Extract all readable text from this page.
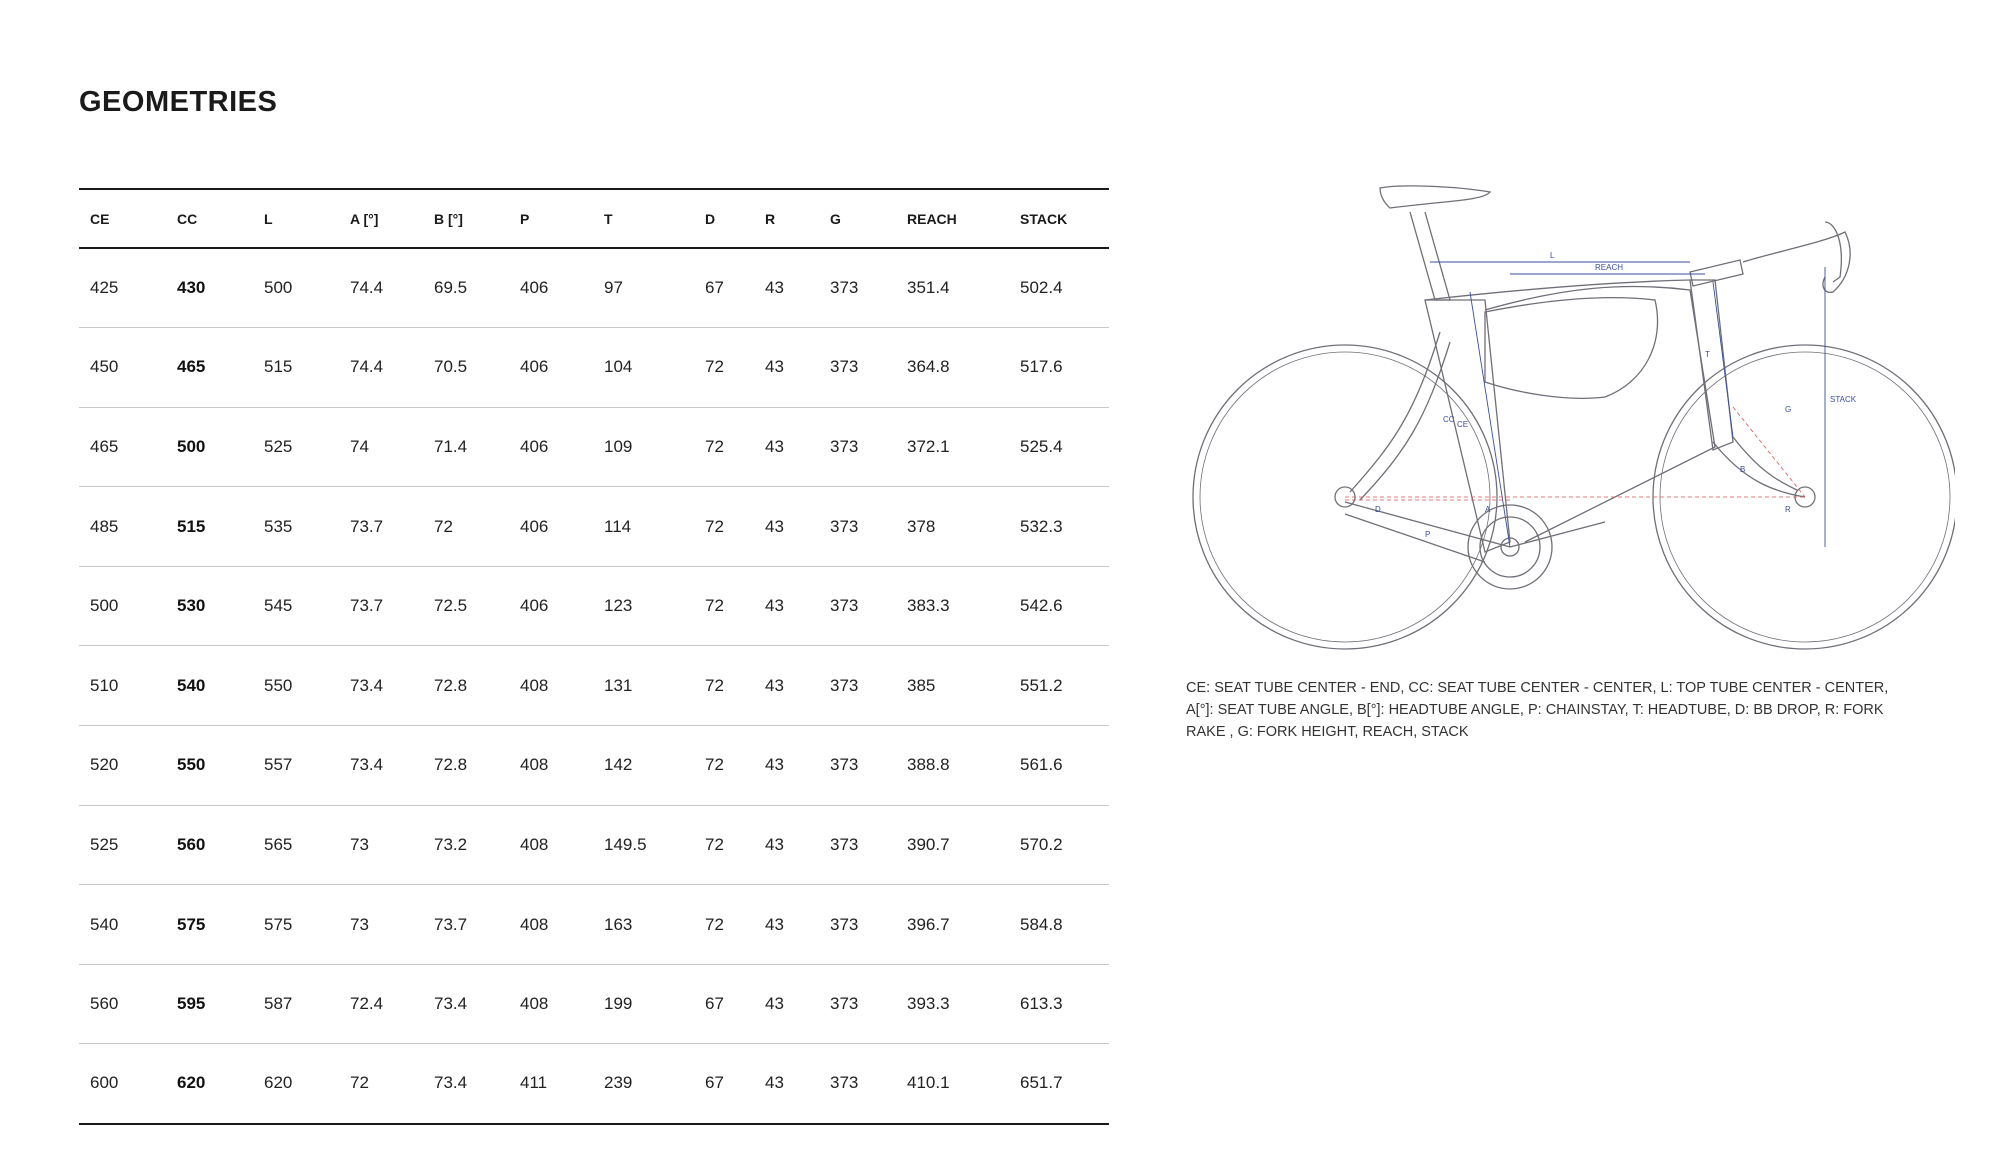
GEOMETRIES
CE	CC	L	A [°]	B [°]	P	T	D	R	G	REACH	STACK
425	430	500	74.4	69.5	406	97	67	43	373	351.4	502.4
450	465	515	74.4	70.5	406	104	72	43	373	364.8	517.6
465	500	525	74	71.4	406	109	72	43	373	372.1	525.4
485	515	535	73.7	72	406	114	72	43	373	378	532.3
500	530	545	73.7	72.5	406	123	72	43	373	383.3	542.6
510	540	550	73.4	72.8	408	131	72	43	373	385	551.2
520	550	557	73.4	72.8	408	142	72	43	373	388.8	561.6
525	560	565	73	73.2	408	149.5	72	43	373	390.7	570.2
540	575	575	73	73.7	408	163	72	43	373	396.7	584.8
560	595	587	72.4	73.4	408	199	67	43	373	393.3	613.3
600	620	620	72	73.4	411	239	67	43	373	410.1	651.7
L
REACH
STACK
CE
CC
A
B
P
G
D	R
T

CE: SEAT TUBE CENTER - END, CC: SEAT TUBE CENTER - CENTER, L: TOP TUBE CENTER - CENTER, A[°]: SEAT TUBE ANGLE, B[°]: HEADTUBE ANGLE, P: CHAINSTAY, T: HEADTUBE, D: BB DROP, R: FORK RAKE , G: FORK HEIGHT, REACH, STACK
